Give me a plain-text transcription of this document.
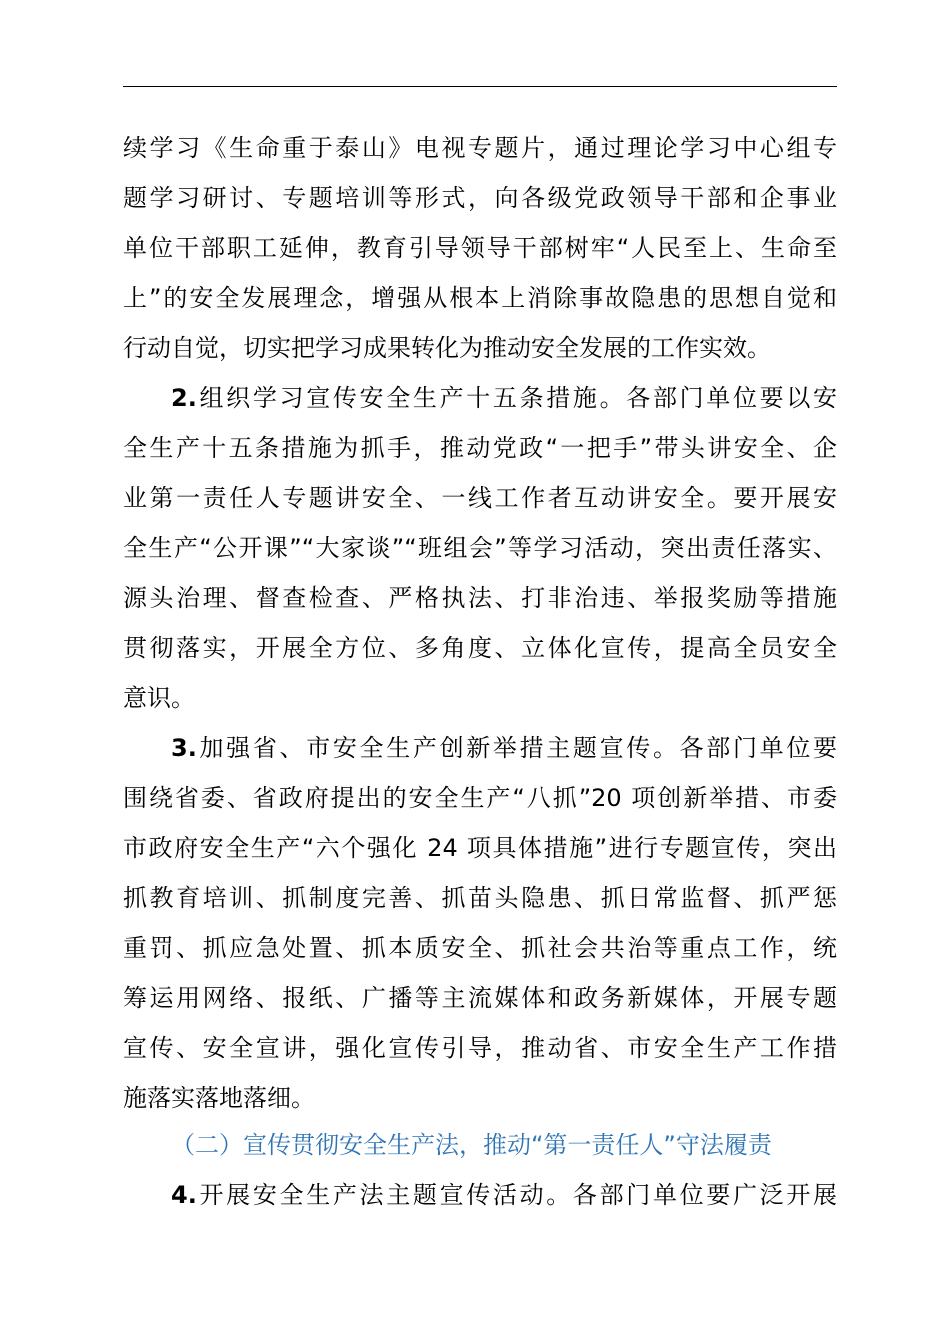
续学习《生命重于泰山》电视专题片，通过理论学习中心组专
题学习研讨、专题培训等形式，向各级党政领导干部和企事业
单位干部职工延伸，教育引导领导干部树牢“人民至上、生命至
上”的安全发展理念，增强从根本上消除事故隐患的思想自觉和
行动自觉，切实把学习成果转化为推动安全发展的工作实效。
2.组织学习宣传安全生产十五条措施。各部门单位要以安
全生产十五条措施为抓手，推动党政“一把手”带头讲安全、企
业第一责任人专题讲安全、一线工作者互动讲安全。要开展安
全生产“公开课”“大家谈”“班组会”等学习活动，突出责任落实、
源头治理、督查检查、严格执法、打非治违、举报奖励等措施
贯彻落实，开展全方位、多角度、立体化宣传，提高全员安全
意识。
3.加强省、市安全生产创新举措主题宣传。各部门单位要
围绕省委、省政府提出的安全生产“八抓”20 项创新举措、市委
市政府安全生产“六个强化 24 项具体措施”进行专题宣传，突出
抓教育培训、抓制度完善、抓苗头隐患、抓日常监督、抓严惩
重罚、抓应急处置、抓本质安全、抓社会共治等重点工作，统
筹运用网络、报纸、广播等主流媒体和政务新媒体，开展专题
宣传、安全宣讲，强化宣传引导，推动省、市安全生产工作措
施落实落地落细。
（二）宣传贯彻安全生产法，推动“第一责任人”守法履责
4.开展安全生产法主题宣传活动。各部门单位要广泛开展
